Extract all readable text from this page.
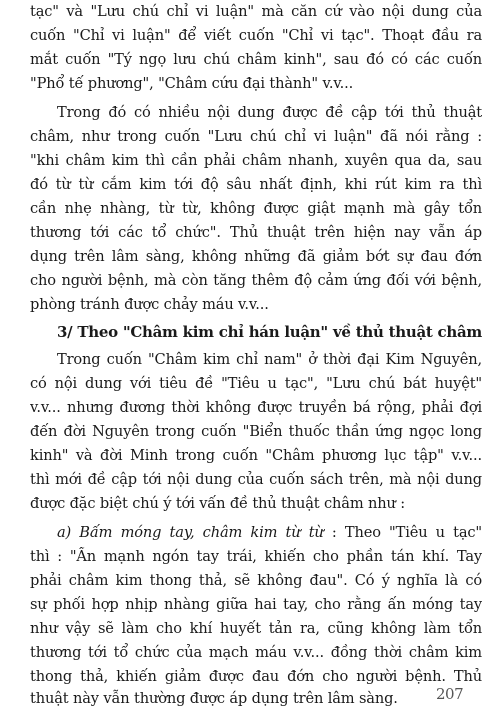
tạc" và "Lưu chú chỉ vi luận" mà căn cứ vào nội dung của
cuốn "Chỉ vi luận" để viết cuốn "Chỉ vi tạc". Thoạt đầu ra
mắt cuốn "Tý ngọ lưu chú châm kinh", sau đó có các cuốn
"Phổ tế phương", "Châm cứu đại thành" v.v...
Trong đó có nhiều nội dung được đề cập tới thủ thuật
châm, như trong cuốn "Lưu chú chỉ vi luận" đã nói rằng :
"khi châm kim thì cần phải châm nhanh, xuyên qua da, sau
đó từ từ cắm kim tới độ sâu nhất định, khi rút kim ra thì
cần nhẹ nhàng, từ từ, không được giật mạnh mà gây tổn
thương tới các tổ chức". Thủ thuật trên hiện nay vẫn áp
dụng trên lâm sàng, không những đã giảm bớt sự đau đớn
cho người bệnh, mà còn tăng thêm độ cảm ứng đối với bệnh,
phòng tránh được chảy máu v.v...
3/ Theo "Châm kim chỉ hán luận" về thủ thuật châm
Trong cuốn "Châm kim chỉ nam" ở thời đại Kim Nguyên,
có nội dung với tiêu đề "Tiêu u tạc", "Lưu chú bát huyệt"
v.v... nhưng đương thời không được truyền bá rộng, phải đợi
đến đời Nguyên trong cuốn "Biển thuốc thần ứng ngọc long
kinh" và đời Minh trong cuốn "Châm phương lục tập" v.v...
thì mới đề cập tới nội dung của cuốn sách trên, mà nội dung
được đặc biệt chú ý tới vấn đề thủ thuật châm như :
a) Bấm móng tay, châm kim từ từ : Theo "Tiêu u tạc"
thì : "Ấn mạnh ngón tay trái, khiến cho phần tán khí. Tay
phải châm kim thong thả, sẽ không đau". Có ý nghĩa là có
sự phối hợp nhịp nhàng giữa hai tay, cho rằng ấn móng tay
như vậy sẽ làm cho khí huyết tản ra, cũng không làm tổn
thương tới tổ chức của mạch máu v.v... đồng thời châm kim
thong thả, khiến giảm được đau đớn cho người bệnh. Thủ
thuật này vẫn thường được áp dụng trên lâm sàng.	207
